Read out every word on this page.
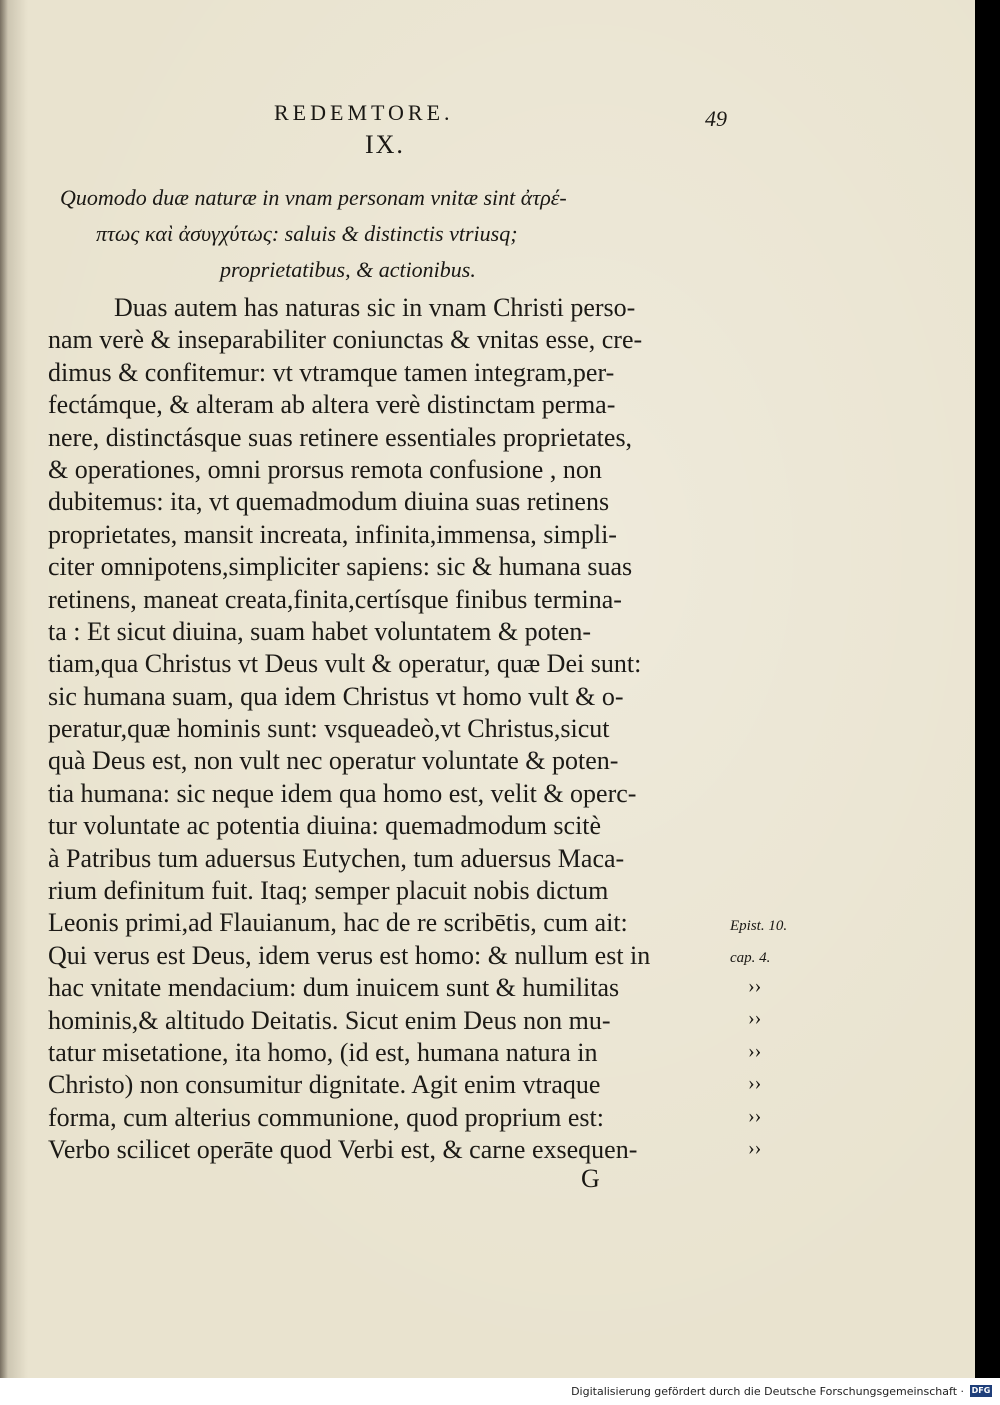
REDEMTORE.	49
IX.
Quomodo duæ naturæ in vnam personam vnitæ sint ἀτρέ-
πτως καὶ ἀσυγχύτως: saluis & distinctis vtriusq;
proprietatibus, & actionibus.
Duas autem has naturas sic in vnam Christi perso-
nam verè & inseparabiliter coniunctas & vnitas esse, cre-
dimus & confitemur: vt vtramque tamen integram,per-
fectámque, & alteram ab altera verè distinctam perma-
nere, distinctásque suas retinere essentiales proprietates,
& operationes, omni prorsus remota confusione , non
dubitemus: ita, vt quemadmodum diuina suas retinens
proprietates, mansit increata, infinita,immensa, simpli-
citer omnipotens,simpliciter sapiens: sic & humana suas
retinens, maneat creata,finita,certísque finibus termina-
ta : Et sicut diuina, suam habet voluntatem & poten-
tiam,qua Christus vt Deus vult & operatur, quæ Dei sunt:
sic humana suam, qua idem Christus vt homo vult & o-
peratur,quæ hominis sunt: vsqueadeò,vt Christus,sicut
quà Deus est, non vult nec operatur voluntate & poten-
tia humana: sic neque idem qua homo est, velit & operc-
tur voluntate ac potentia diuina: quemadmodum scitè
à Patribus tum aduersus Eutychen, tum aduersus Maca-
rium definitum fuit. Itaq; semper placuit nobis dictum
Leonis primi,ad Flauianum, hac de re scribētis, cum ait:
Qui verus est Deus, idem verus est homo: & nullum est in
hac vnitate mendacium: dum inuicem sunt & humilitas
hominis,& altitudo Deitatis. Sicut enim Deus non mu-
tatur misetatione, ita homo, (id est, humana natura in
Christo) non consumitur dignitate. Agit enim vtraque
forma, cum alterius communione, quod proprium est:
Verbo scilicet operāte quod Verbi est, & carne exsequen-
Epist. 10.
cap. 4.
››
››
››
››
››
››
G
Digitalisierung gefördert durch die Deutsche Forschungsgemeinschaft · DFG
